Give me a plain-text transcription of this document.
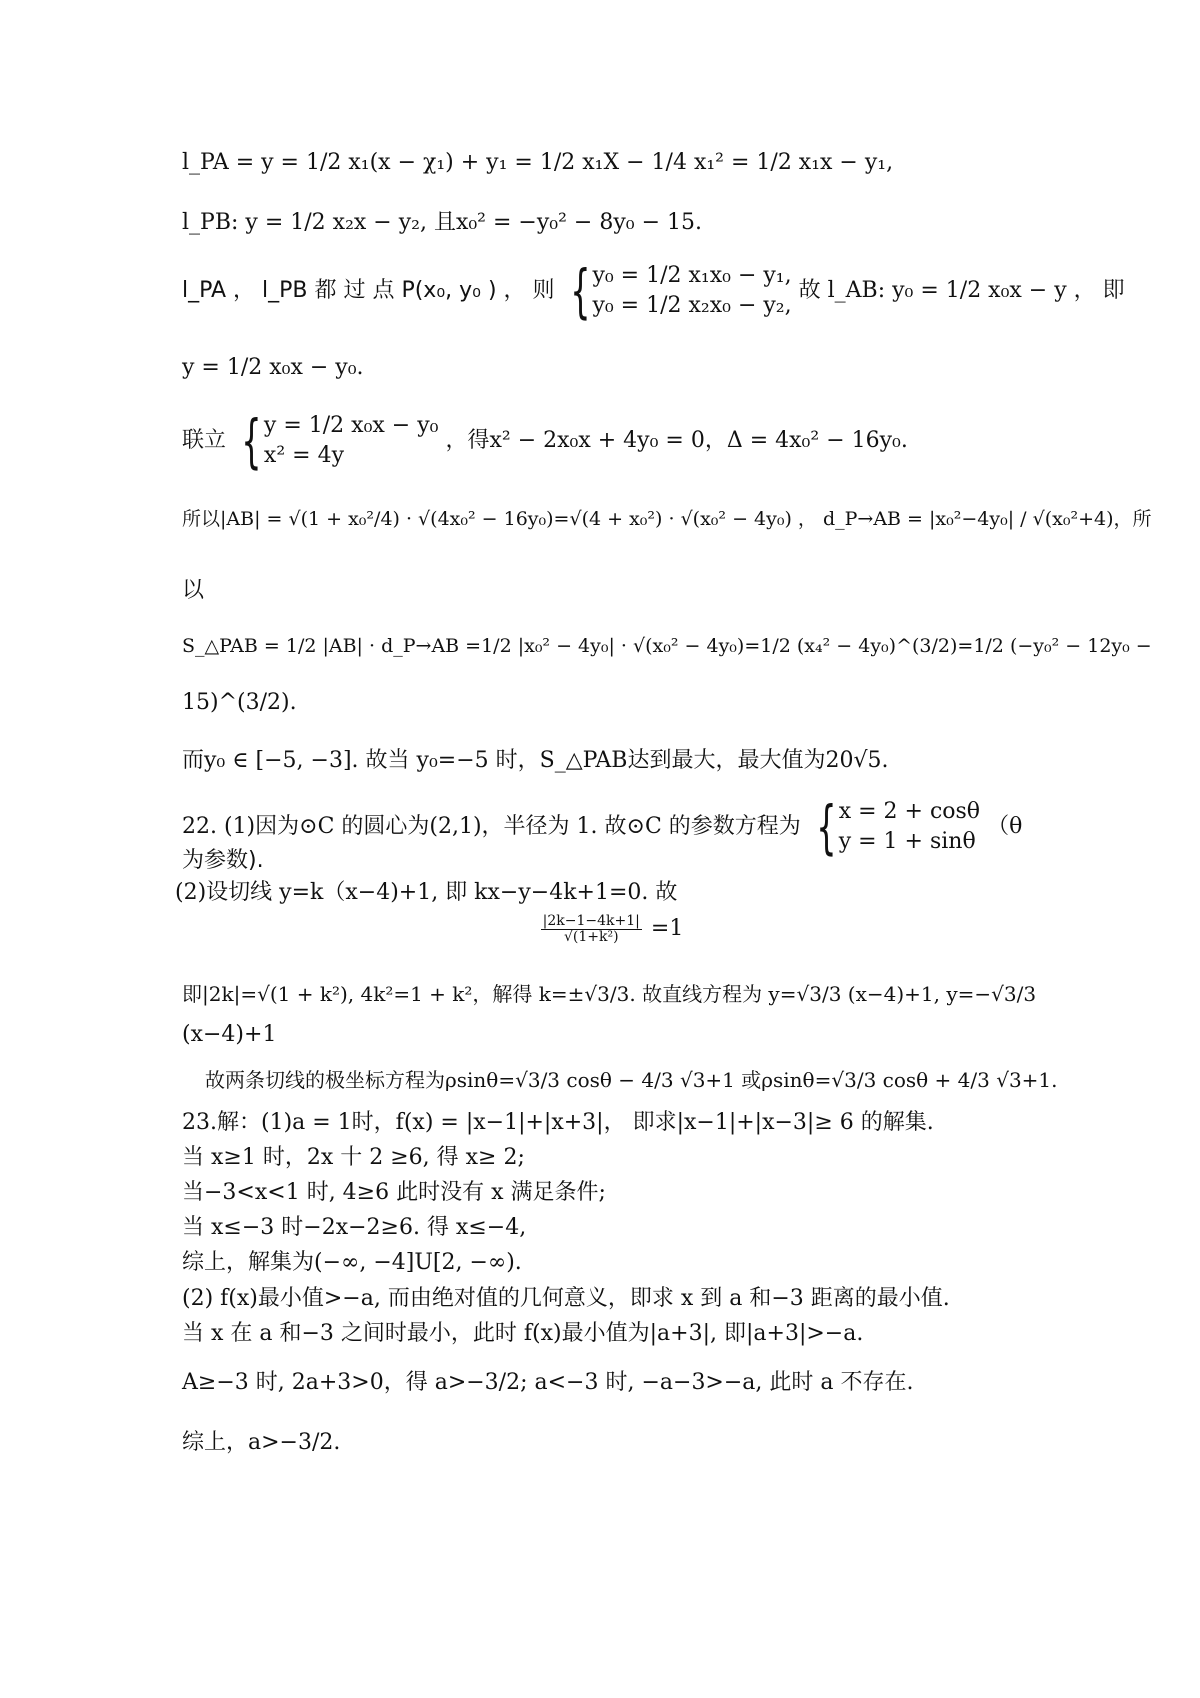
l_PA = y = 1/2 x₁(x − χ₁) + y₁ = 1/2 x₁X − 1/4 x₁² = 1/2 x₁x − y₁,
l_PB: y = 1/2 x₂x − y₂, 且x₀² = −y₀² − 8y₀ − 15.
l_PA ， l_PB 都 过 点 P(x₀, y₀ ) ， 则 { y₀ = 1/2 x₁x₀ − y₁,
y₀ = 1/2 x₂x₀ − y₂,
故 l_AB: y₀ = 1/2 x₀x − y ， 即
y = 1/2 x₀x − y₀.
联立 { y = 1/2 x₀x − y₀
x² = 4y
，得x² − 2x₀x + 4y₀ = 0，Δ = 4x₀² − 16y₀.
所以|AB| = √(1 + x₀²/4) · √(4x₀² − 16y₀)=√(4 + x₀²) · √(x₀² − 4y₀) ， d_P→AB = |x₀²−4y₀| / √(x₀²+4)，所
以
S_△PAB = 1/2 |AB| · d_P→AB =1/2 |x₀² − 4y₀| · √(x₀² − 4y₀)=1/2 (x₄² − 4y₀)^(3/2)=1/2 (−y₀² − 12y₀ −
15)^(3/2).
而y₀ ∈ [−5, −3]. 故当 y₀=−5 时，S_△PAB达到最大，最大值为20√5.
22. (1)因为⊙C 的圆心为(2,1)，半径为 1. 故⊙C 的参数方程为 { x = 2 + cosθ
y = 1 + sinθ
（θ
为参数).
(2)设切线 y=k（x−4)+1, 即 kx−y−4k+1=0. 故
$\frac{|2k-1-4k+1|}{\text{√(1+k²)}} =1$
即|2k|=√(1 + k²), 4k²=1 + k²，解得 k=±√3/3. 故直线方程为 y=√3/3 (x−4)+1, y=−√3/3
(x−4)+1
故两条切线的极坐标方程为ρsinθ=√3/3 cosθ − 4/3 √3+1 或ρsinθ=√3/3 cosθ + 4/3 √3+1.
23.解：(1)a = 1时，f(x) = |x−1|+|x+3|， 即求|x−1|+|x−3|≥ 6 的解集.
当 x≥1 时，2x 十 2 ≥6, 得 x≥ 2;
当−3<x<1 时, 4≥6 此时没有 x 满足条件;
当 x≤−3 时−2x−2≥6. 得 x≤−4,
综上，解集为(−∞, −4]U[2, −∞).
(2) f(x)最小值>−a, 而由绝对值的几何意义，即求 x 到 a 和−3 距离的最小值.
当 x 在 a 和−3 之间时最小，此时 f(x)最小值为|a+3|, 即|a+3|>−a.
A≥−3 时, 2a+3>0，得 a>−3/2; a<−3 时, −a−3>−a, 此时 a 不存在.
综上，a>−3/2.
